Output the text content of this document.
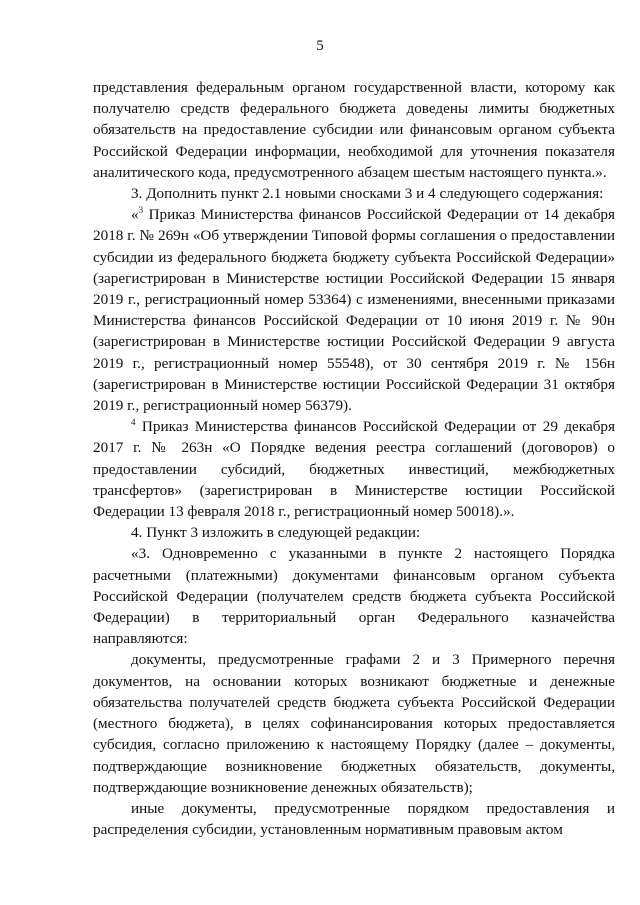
5

представления федеральным органом государственной власти, которому как получателю средств федерального бюджета доведены лимиты бюджетных обязательств на предоставление субсидии или финансовым органом субъекта Российской Федерации информации, необходимой для уточнения показателя аналитического кода, предусмотренного абзацем шестым настоящего пункта.».

3. Дополнить пункт 2.1 новыми сносками 3 и 4 следующего содержания:

«$^3$ Приказ Министерства финансов Российской Федерации от 14 декабря 2018 г. № 269н «Об утверждении Типовой формы соглашения о предоставлении субсидии из федерального бюджета бюджету субъекта Российской Федерации» (зарегистрирован в Министерстве юстиции Российской Федерации 15 января 2019 г., регистрационный номер 53364) с изменениями, внесенными приказами Министерства финансов Российской Федерации от 10 июня 2019 г. № 90н (зарегистрирован в Министерстве юстиции Российской Федерации 9 августа 2019 г., регистрационный номер 55548), от 30 сентября 2019 г. № 156н (зарегистрирован в Министерстве юстиции Российской Федерации 31 октября 2019 г., регистрационный номер 56379).

$^4$ Приказ Министерства финансов Российской Федерации от 29 декабря 2017 г. № 263н «О Порядке ведения реестра соглашений (договоров) о предоставлении субсидий, бюджетных инвестиций, межбюджетных трансфертов» (зарегистрирован в Министерстве юстиции Российской Федерации 13 февраля 2018 г., регистрационный номер 50018).».

4. Пункт 3 изложить в следующей редакции:

«3. Одновременно с указанными в пункте 2 настоящего Порядка расчетными (платежными) документами финансовым органом субъекта Российской Федерации (получателем средств бюджета субъекта Российской Федерации) в территориальный орган Федерального казначейства направляются:

документы, предусмотренные графами 2 и 3 Примерного перечня документов, на основании которых возникают бюджетные и денежные обязательства получателей средств бюджета субъекта Российской Федерации (местного бюджета), в целях софинансирования которых предоставляется субсидия, согласно приложению к настоящему Порядку (далее – документы, подтверждающие возникновение бюджетных обязательств, документы, подтверждающие возникновение денежных обязательств);

иные документы, предусмотренные порядком предоставления и распределения субсидии, установленным нормативным правовым актом
